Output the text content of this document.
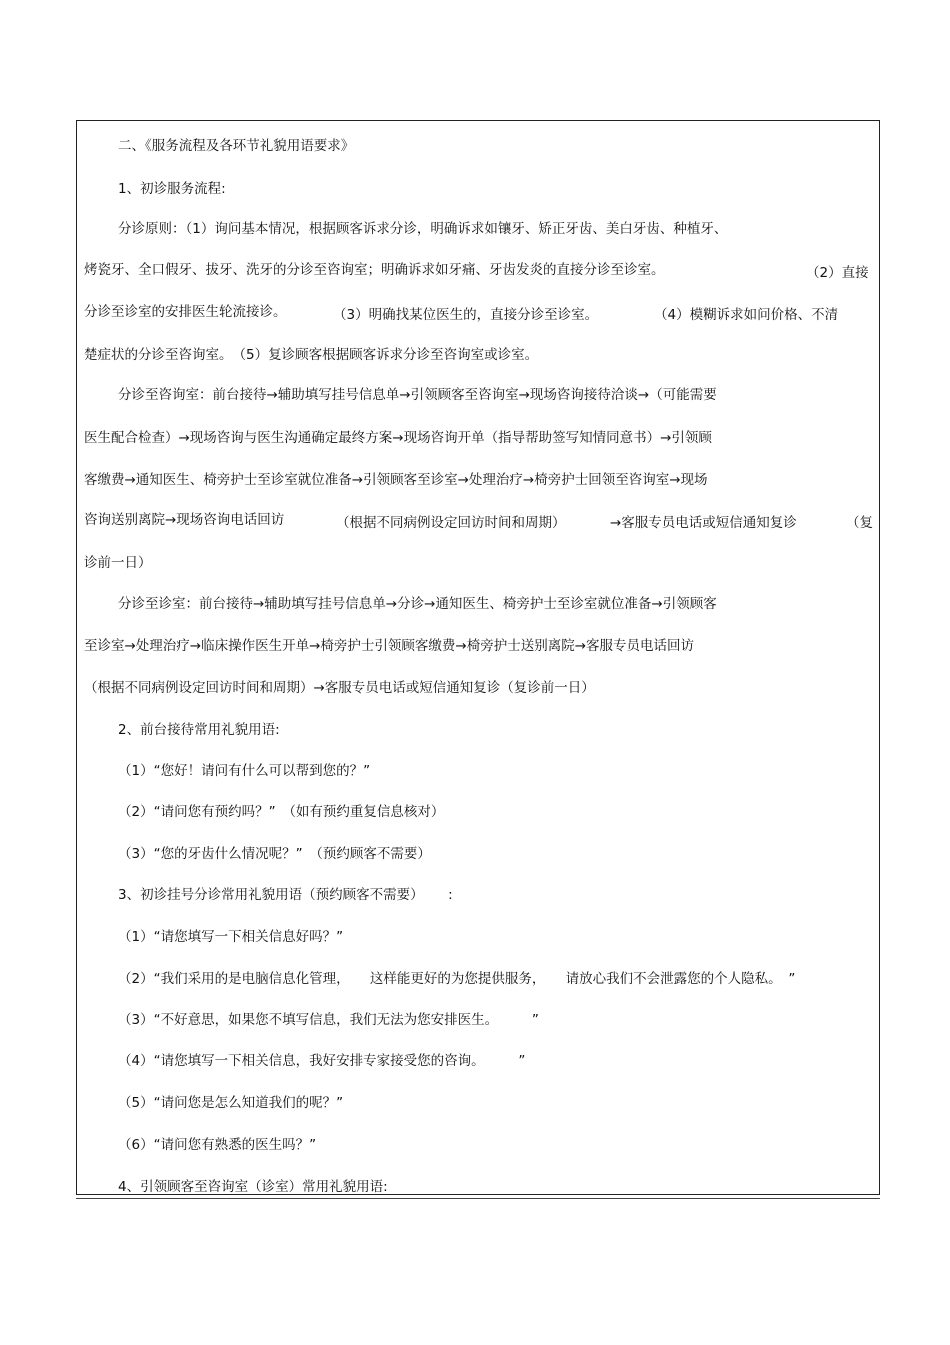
二、《服务流程及各环节礼貌用语要求》

1、初诊服务流程:

分诊原则：（1）询问基本情况，根据顾客诉求分诊，明确诉求如镶牙、矫正牙齿、美白牙齿、种植牙、

烤瓷牙、全口假牙、拔牙、洗牙的分诊至咨询室；明确诉求如牙痛、牙齿发炎的直接分诊至诊室。	（2）直接

分诊至诊室的安排医生轮流接诊。	（3）明确找某位医生的，直接分诊至诊室。	（4）模糊诉求如问价格、不清

楚症状的分诊至咨询室。　（5）复诊顾客根据顾客诉求分诊至咨询室或诊室。

分诊至咨询室：前台接待→辅助填写挂号信息单→引领顾客至咨询室→现场咨询接待洽谈→（可能需要

医生配合检查）→现场咨询与医生沟通确定最终方案→现场咨询开单（指导帮助签写知情同意书）→引领顾

客缴费→通知医生、椅旁护士至诊室就位准备→引领顾客至诊室→处理治疗→椅旁护士回领至咨询室→现场

咨询送别离院→现场咨询电话回访	（根据不同病例设定回访时间和周期）	→客服专员电话或短信通知复诊	（复

诊前一日）

分诊至诊室：前台接待→辅助填写挂号信息单→分诊→通知医生、椅旁护士至诊室就位准备→引领顾客

至诊室→处理治疗→临床操作医生开单→椅旁护士引领顾客缴费→椅旁护士送别离院→客服专员电话回访

（根据不同病例设定回访时间和周期）→客服专员电话或短信通知复诊（复诊前一日）

2、前台接待常用礼貌用语:

（1）“您好！请问有什么可以帮到您的？”

（2）“请问您有预约吗？”　（如有预约重复信息核对）

（3）“您的牙齿什么情况呢？”　（预约顾客不需要）

3、初诊挂号分诊常用礼貌用语（预约顾客不需要）　　 :

（1）“请您填写一下相关信息好吗？”

（2）“我们采用的是电脑信息化管理，　　这样能更好的为您提供服务，　　请放心我们不会泄露您的个人隐私。　”

（3）“不好意思，如果您不填写信息，我们无法为您安排医生。　　　”

（4）“请您填写一下相关信息，我好安排专家接受您的咨询。　　　”

（5）“请问您是怎么知道我们的呢？”

（6）“请问您有熟悉的医生吗？”

4、引领顾客至咨询室（诊室）常用礼貌用语:
